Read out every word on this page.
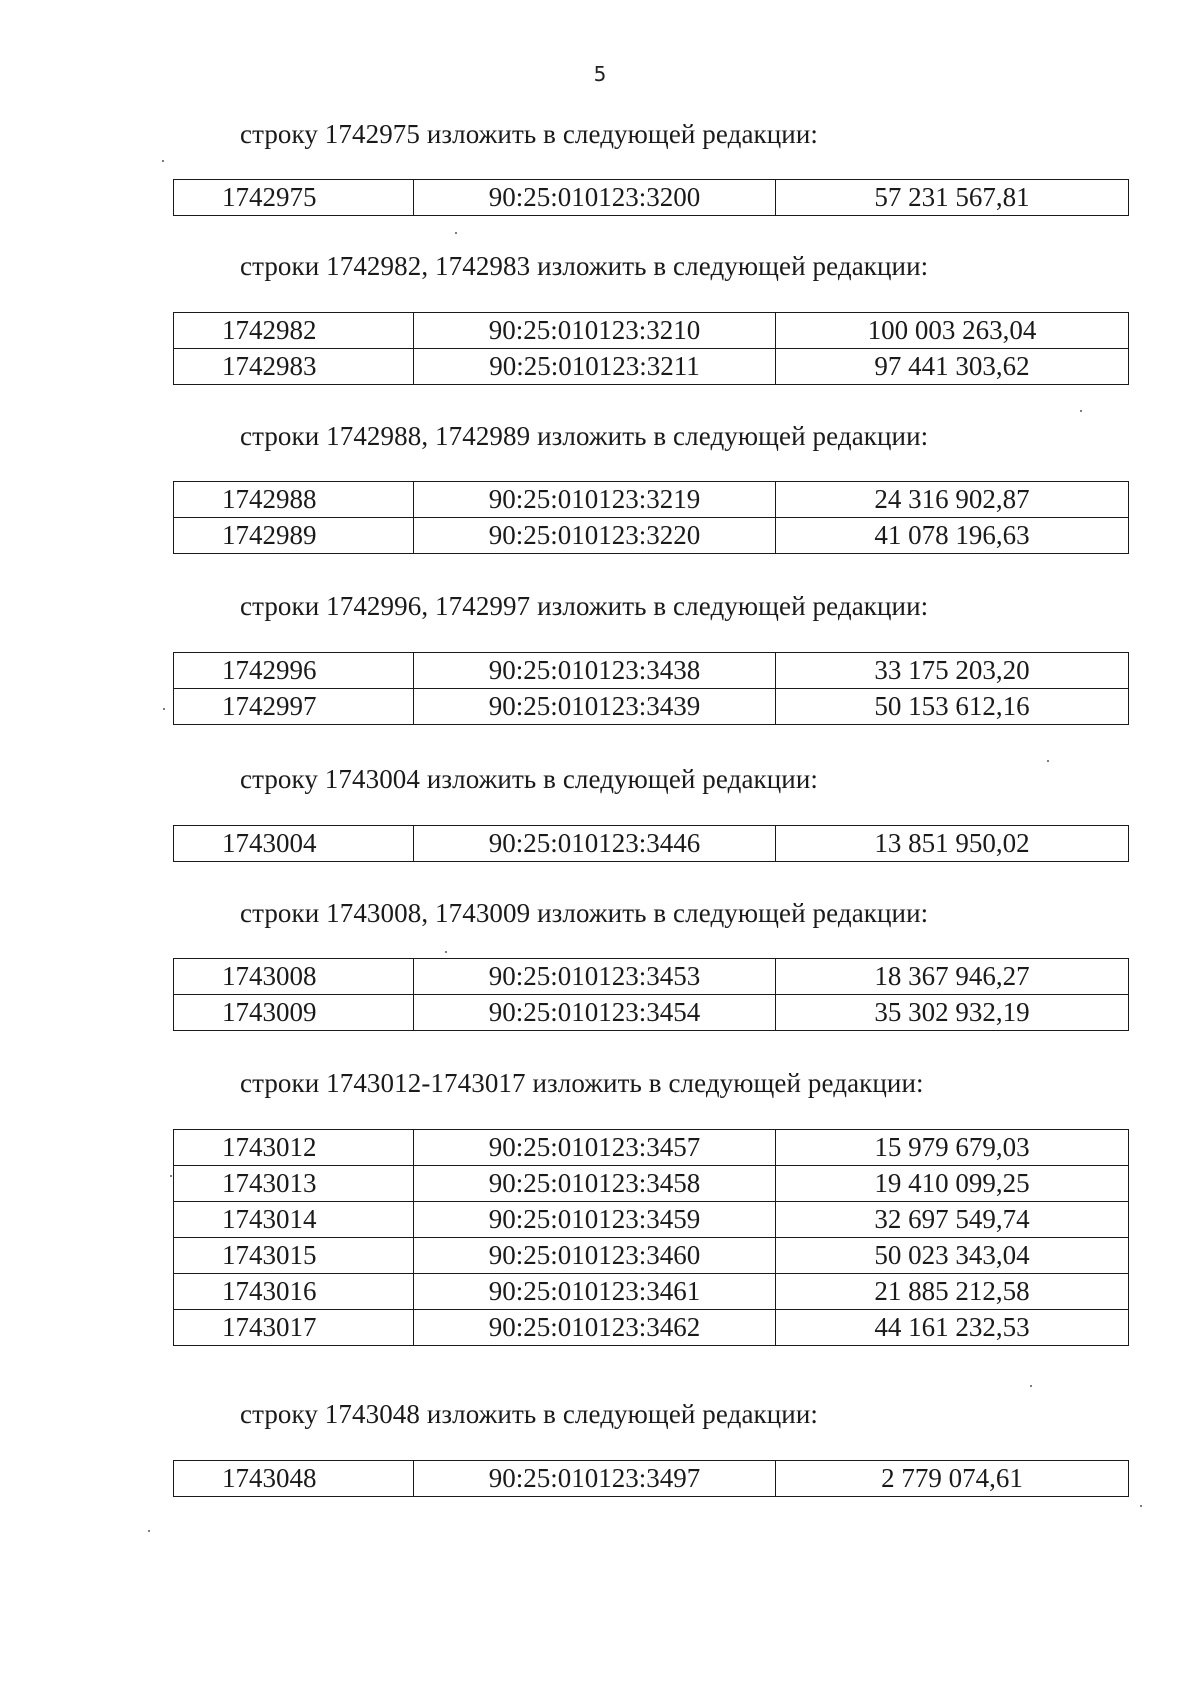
5
строку 1742975 изложить в следующей редакции:
1742975	90:25:010123:3200	57 231 567,81
строки 1742982, 1742983 изложить в следующей редакции:
1742982	90:25:010123:3210	100 003 263,04
1742983	90:25:010123:3211	97 441 303,62
строки 1742988, 1742989 изложить в следующей редакции:
1742988	90:25:010123:3219	24 316 902,87
1742989	90:25:010123:3220	41 078 196,63
строки 1742996, 1742997 изложить в следующей редакции:
1742996	90:25:010123:3438	33 175 203,20
1742997	90:25:010123:3439	50 153 612,16
строку 1743004 изложить в следующей редакции:
1743004	90:25:010123:3446	13 851 950,02
строки 1743008, 1743009 изложить в следующей редакции:
1743008	90:25:010123:3453	18 367 946,27
1743009	90:25:010123:3454	35 302 932,19
строки 1743012-1743017 изложить в следующей редакции:
1743012	90:25:010123:3457	15 979 679,03
1743013	90:25:010123:3458	19 410 099,25
1743014	90:25:010123:3459	32 697 549,74
1743015	90:25:010123:3460	50 023 343,04
1743016	90:25:010123:3461	21 885 212,58
1743017	90:25:010123:3462	44 161 232,53
строку 1743048 изложить в следующей редакции:
1743048	90:25:010123:3497	2 779 074,61
